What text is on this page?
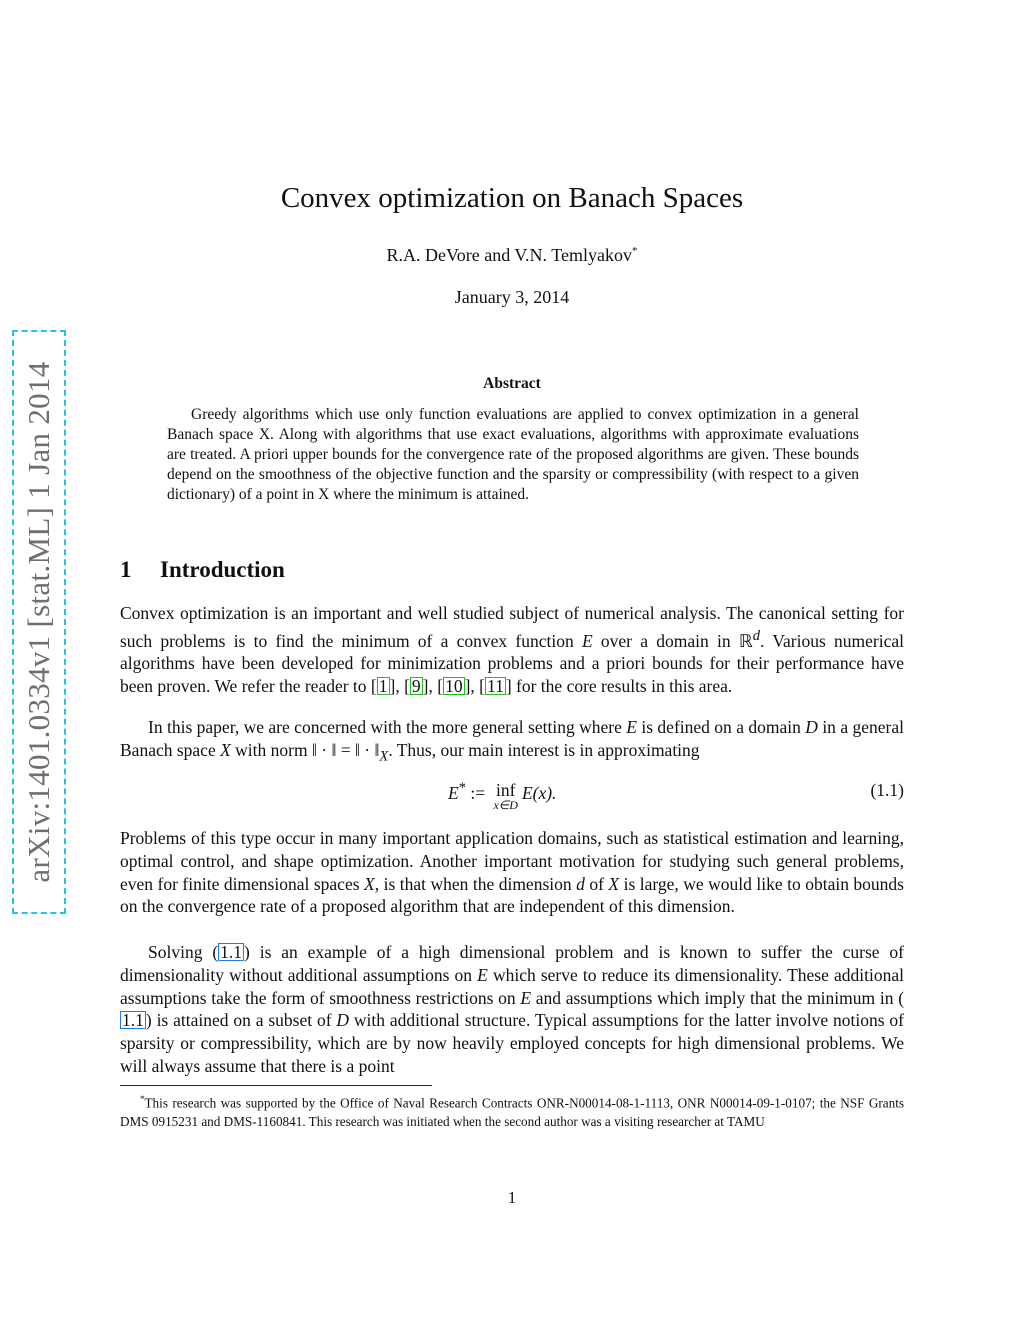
arXiv:1401.0334v1 [stat.ML] 1 Jan 2014
Convex optimization on Banach Spaces
R.A. DeVore and V.N. Temlyakov*
January 3, 2014
Abstract
Greedy algorithms which use only function evaluations are applied to convex optimization in a general Banach space X. Along with algorithms that use exact evaluations, algorithms with approximate evaluations are treated. A priori upper bounds for the convergence rate of the proposed algorithms are given. These bounds depend on the smoothness of the objective function and the sparsity or compressibility (with respect to a given dictionary) of a point in X where the minimum is attained.
1 Introduction
Convex optimization is an important and well studied subject of numerical analysis. The canonical setting for such problems is to find the minimum of a convex function E over a domain in ℝ$^d$. Various numerical algorithms have been developed for minimization problems and a priori bounds for their performance have been proven. We refer the reader to [ 1 ], [ 9 ], [ 10 ], [ 11 ] for the core results in this area.
In this paper, we are concerned with the more general setting where E is defined on a domain D in a general Banach space X with norm ‖ · ‖ = ‖ · $‖_X$. Thus, our main interest is in approximating
E* := inf
x∈D
E(x).	(1.1)
Problems of this type occur in many important application domains, such as statistical estimation and learning, optimal control, and shape optimization. Another important motivation for studying such general problems, even for finite dimensional spaces X, is that when the dimension d of X is large, we would like to obtain bounds on the convergence rate of a proposed algorithm that are independent of this dimension.
Solving ( 1.1 ) is an example of a high dimensional problem and is known to suffer the curse of dimensionality without additional assumptions on E which serve to reduce its dimensionality. These additional assumptions take the form of smoothness restrictions on E and assumptions which imply that the minimum in (1.1 ) is attained on a subset of D with additional structure. Typical assumptions for the latter involve notions of sparsity or compressibility, which are by now heavily employed concepts for high dimensional problems. We will always assume that there is a point
*This research was supported by the Office of Naval Research Contracts ONR-N00014-08-1-1113, ONR N00014-09-1-0107; the NSF Grants DMS 0915231 and DMS-1160841. This research was initiated when the second author was a visiting researcher at TAMU
1
